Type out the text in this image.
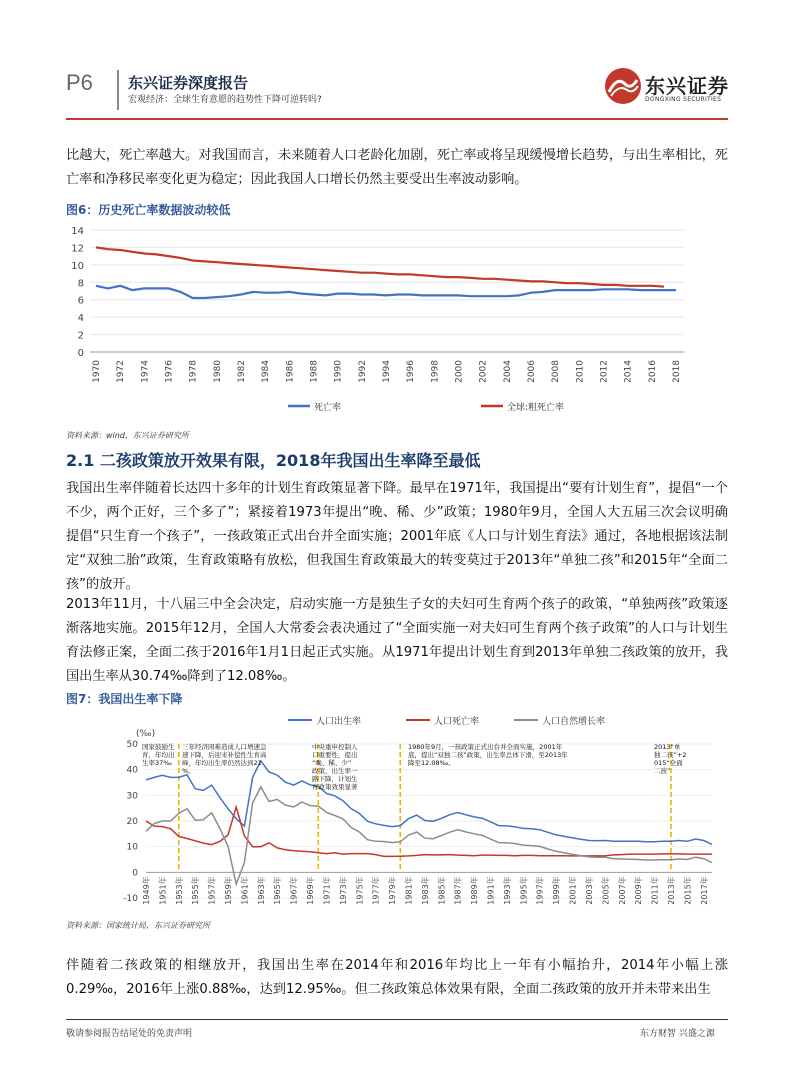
P6 东兴证券深度报告
宏观经济：全球生育意愿的趋势性下降可逆转吗?
东兴证券
DONGXING SECURITIES
比越大，死亡率越大。对我国而言，未来随着人口老龄化加剧，死亡率或将呈现缓慢增长趋势，与出生率相比，死亡率和净移民率变化更为稳定；因此我国人口增长仍然主要受出生率波动影响。
图6：历史死亡率数据波动较低
0
2
4
6
8
10
12
14
1970 1972 1974 1976 1978 1980 1982 1984 1986 1988 1990 1992 1994 1996 1998 2000 2002 2004 2006 2008 2010 2012 2014 2016 2018
死亡率	全球:粗死亡率
资料来源：wind，东兴证券研究所
2.1 二孩政策放开效果有限，2018年我国出生率降至最低
我国出生率伴随着长达四十多年的计划生育政策显著下降。最早在1971年，我国提出“要有计划生育”，提倡“一个不少，两个正好，三个多了”；紧接着1973年提出“晚、稀、少”政策；1980年9月，全国人大五届三次会议明确提倡“只生育一个孩子”，一孩政策正式出台并全面实施；2001年底《人口与计划生育法》通过，各地根据该法制定“双独二胎”政策，生育政策略有放松，但我国生育政策最大的转变莫过于2013年“单独二孩”和2015年“全面二孩”的放开。
2013年11月，十八届三中全会决定，启动实施一方是独生子女的夫妇可生育两个孩子的政策，“单独两孩”政策逐渐落地实施。2015年12月，全国人大常委会表决通过了“全面实施一对夫妇可生育两个孩子政策”的人口与计划生育法修正案，全面二孩于2016年1月1日起正式实施。从1971年提出计划生育到2013年单独二孩政策的放开，我国出生率从30.74‰降到了12.08‰。
图7：我国出生率下降
(‰)
-10
0
10
20
30
40
50
1949年 1951年 1953年 1955年 1957年 1959年 1961年 1963年 1965年 1967年 1969年 1971年 1973年 1975年 1977年 1979年 1981年 1983年 1985年 1987年 1989年 1991年 1993年 1995年 1997年 1999年 2001年 2003年 2005年 2007年 2009年 2011年 2013年 2015年 2017年
人口出生率	人口死亡率	人口自然增长率
国家鼓励生育，年均出生率37‰
三年经济困难造成人口增速急速下降，后迎来补偿性生育高峰，年均出生率仍然达到21 %。
中央重申控制人口重要性，提出“晚、稀、少”政策，出生率一路下降，计划生育政策效果显著
1980年9月，一孩政策正式出台并全面实施，2001年底，提出“双独二孩”政策，出生率总体下滑，至2013年降至12.08‰。
2013“单独二孩”+2 015“全面二孩”
资料来源：国家统计局，东兴证券研究所
伴随着二孩政策的相继放开，我国出生率在2014年和2016年均比上一年有小幅抬升，2014年小幅上涨0.29‰，2016年上涨0.88‰，达到12.95‰。但二孩政策总体效果有限，全面二孩政策的放开并未带来出生
敬请参阅报告结尾处的免责声明	东方财智 兴盛之源
